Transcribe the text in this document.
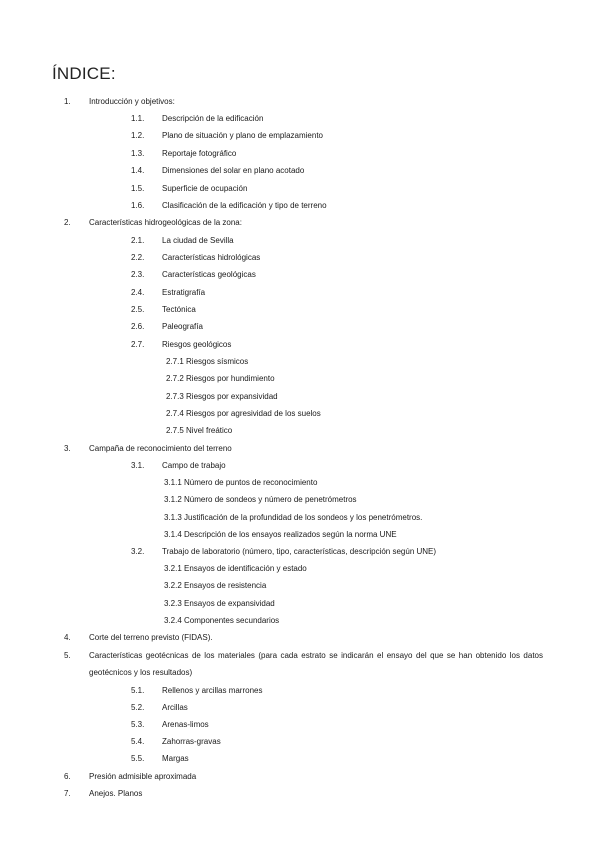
ÍNDICE:
1. Introducción y objetivos:
1.1. Descripción de la edificación
1.2. Plano de situación y plano de emplazamiento
1.3. Reportaje fotográfico
1.4. Dimensiones del solar en plano acotado
1.5. Superficie de ocupación
1.6. Clasificación de la edificación y tipo de terreno
2. Características hidrogeológicas de la zona:
2.1. La ciudad de Sevilla
2.2. Características hidrológicas
2.3. Características geológicas
2.4. Estratigrafía
2.5. Tectónica
2.6. Paleografía
2.7. Riesgos geológicos
2.7.1 Riesgos sísmicos
2.7.2 Riesgos por hundimiento
2.7.3 Riesgos por expansividad
2.7.4 Riesgos por agresividad de los suelos
2.7.5 Nivel freático
3. Campaña de reconocimiento del terreno
3.1. Campo de trabajo
3.1.1 Número de puntos de reconocimiento
3.1.2 Número de sondeos y número de penetrómetros
3.1.3 Justificación de la profundidad de los sondeos y los penetrómetros.
3.1.4 Descripción de los ensayos realizados según la norma UNE
3.2. Trabajo de laboratorio (número, tipo, características, descripción según UNE)
3.2.1 Ensayos de identificación y estado
3.2.2 Ensayos de resistencia
3.2.3 Ensayos de expansividad
3.2.4 Componentes secundarios
4. Corte del terreno previsto (FIDAS).
5. Características geotécnicas de los materiales (para cada estrato se indicarán el ensayo del que se han obtenido los datos
geotécnicos y los resultados)
5.1. Rellenos y arcillas marrones
5.2. Arcillas
5.3. Arenas-limos
5.4. Zahorras-gravas
5.5. Margas
6. Presión admisible aproximada
7. Anejos. Planos
